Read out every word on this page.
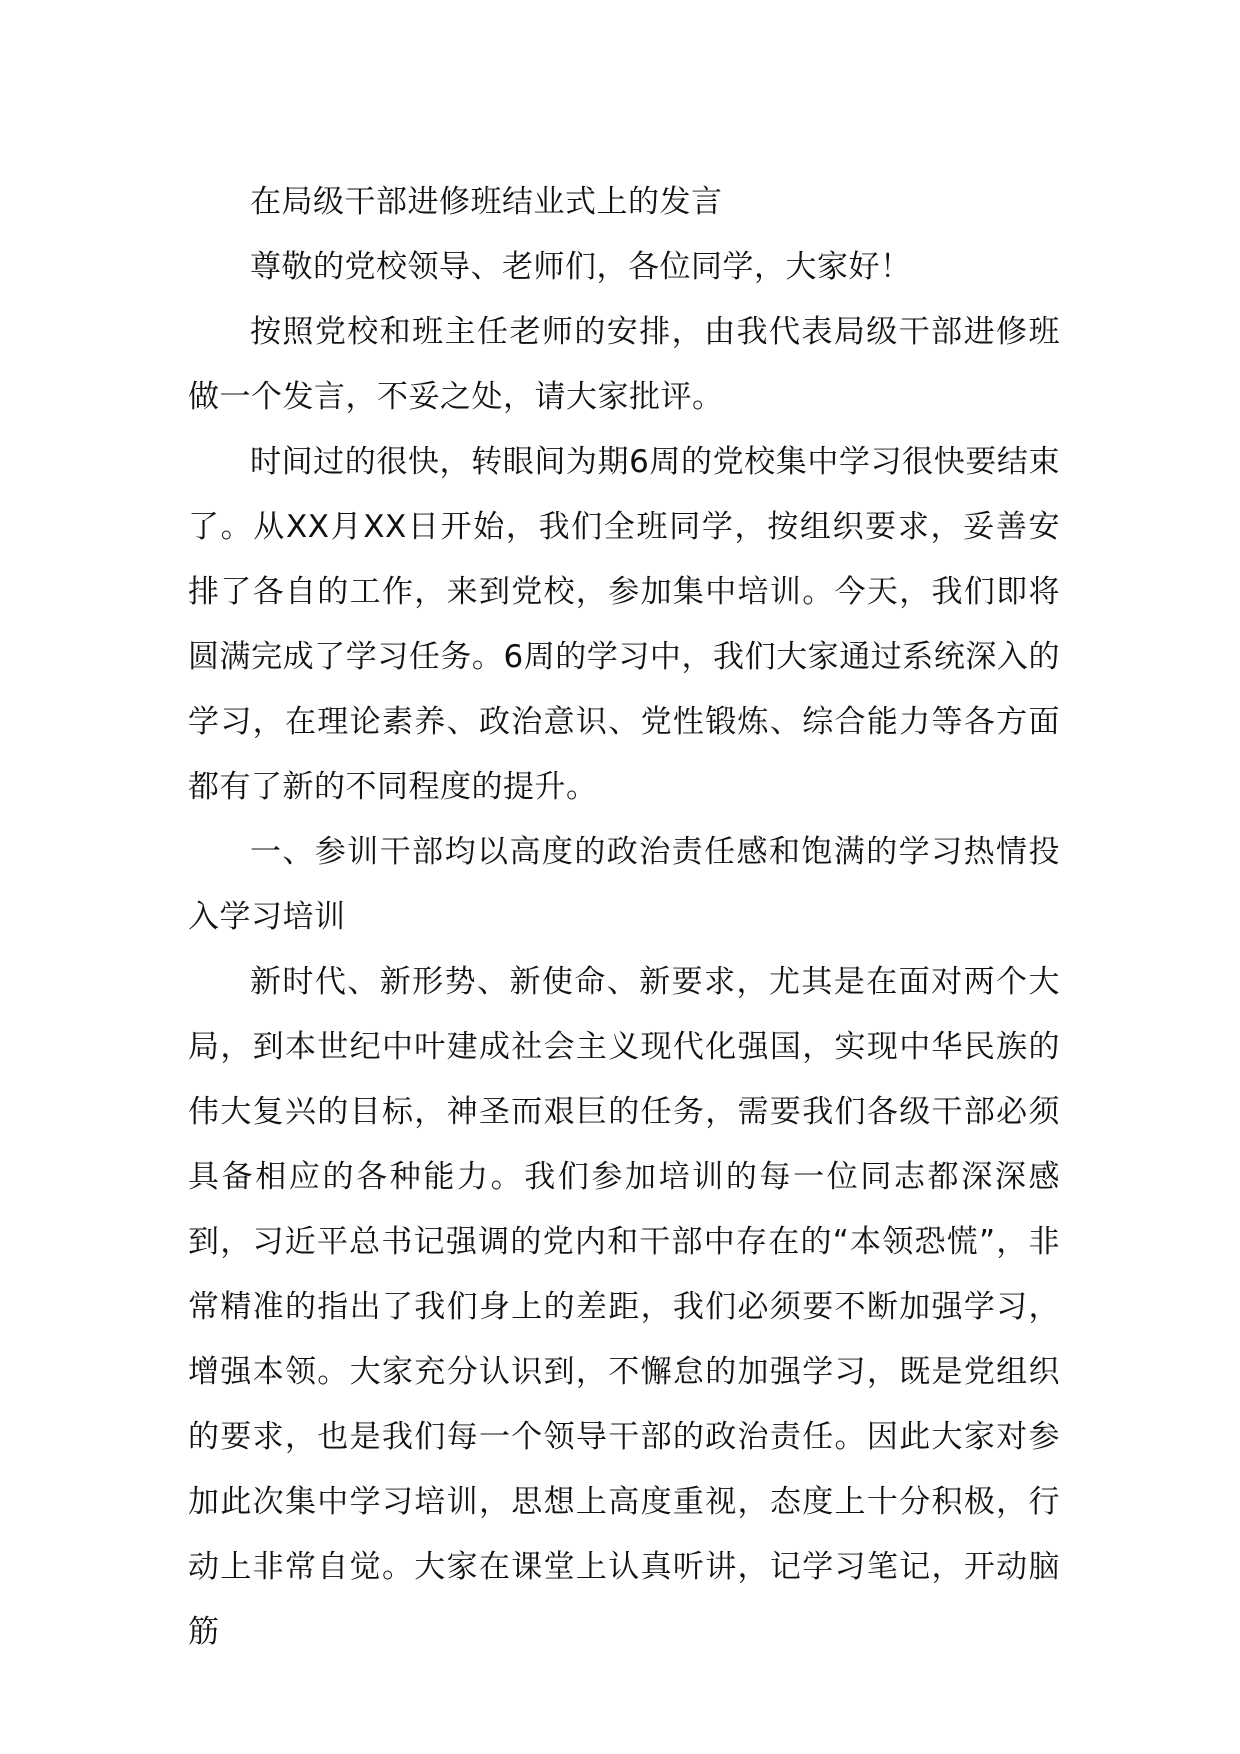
在局级干部进修班结业式上的发言

尊敬的党校领导、老师们，各位同学，大家好！

按照党校和班主任老师的安排，由我代表局级干部进修班做一个发言，不妥之处，请大家批评。

时间过的很快，转眼间为期6周的党校集中学习很快要结束了。从XX月XX日开始，我们全班同学，按组织要求，妥善安排了各自的工作，来到党校，参加集中培训。今天，我们即将圆满完成了学习任务。6周的学习中，我们大家通过系统深入的学习，在理论素养、政治意识、党性锻炼、综合能力等各方面都有了新的不同程度的提升。

一、参训干部均以高度的政治责任感和饱满的学习热情投入学习培训

新时代、新形势、新使命、新要求，尤其是在面对两个大局，到本世纪中叶建成社会主义现代化强国，实现中华民族的伟大复兴的目标，神圣而艰巨的任务，需要我们各级干部必须具备相应的各种能力。我们参加培训的每一位同志都深深感到，习近平总书记强调的党内和干部中存在的“本领恐慌”，非常精准的指出了我们身上的差距，我们必须要不断加强学习，增强本领。大家充分认识到，不懈怠的加强学习，既是党组织的要求，也是我们每一个领导干部的政治责任。因此大家对参加此次集中学习培训，思想上高度重视，态度上十分积极，行动上非常自觉。大家在课堂上认真听讲，记学习笔记，开动脑筋
